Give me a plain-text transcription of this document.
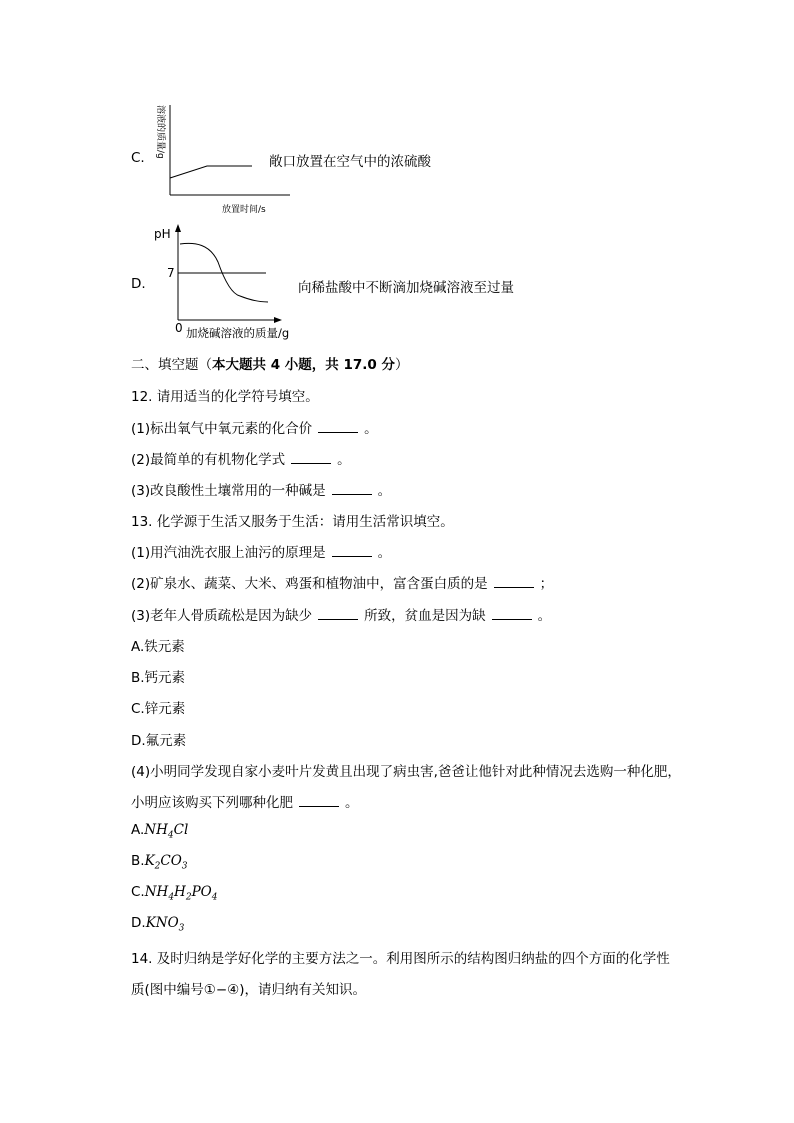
C. 溶液的质量/g
放置时间/s
敞口放置在空气中的浓硫酸
D.
pH
7
0 加烧碱溶液的质量/g
向稀盐酸中不断滴加烧碱溶液至过量
二、填空题（本大题共 4 小题，共 17.0 分）
12. 请用适当的化学符号填空。
(1)标出氧气中氧元素的化合价	。
(2)最简单的有机物化学式	。
(3)改良酸性土壤常用的一种碱是	。
13. 化学源于生活又服务于生活：请用生活常识填空。
(1)用汽油洗衣服上油污的原理是	。
(2)矿泉水、蔬菜、大米、鸡蛋和植物油中，富含蛋白质的是	；
(3)老年人骨质疏松是因为缺少	所致，贫血是因为缺	。
A.铁元素
B.钙元素
C.锌元素
D.氟元素
(4)小明同学发现自家小麦叶片发黄且出现了病虫害,爸爸让他针对此种情况去选购一种化肥，
小明应该购买下列哪种化肥	。
$A.NH_4Cl$
$B.K_2CO_3$
$C.NH_4H_2PO_4$
$D.KNO_3$
14. 及时归纳是学好化学的主要方法之一。利用图所示的结构图归纳盐的四个方面的化学性
质(图中编号①−④)，请归纳有关知识。
